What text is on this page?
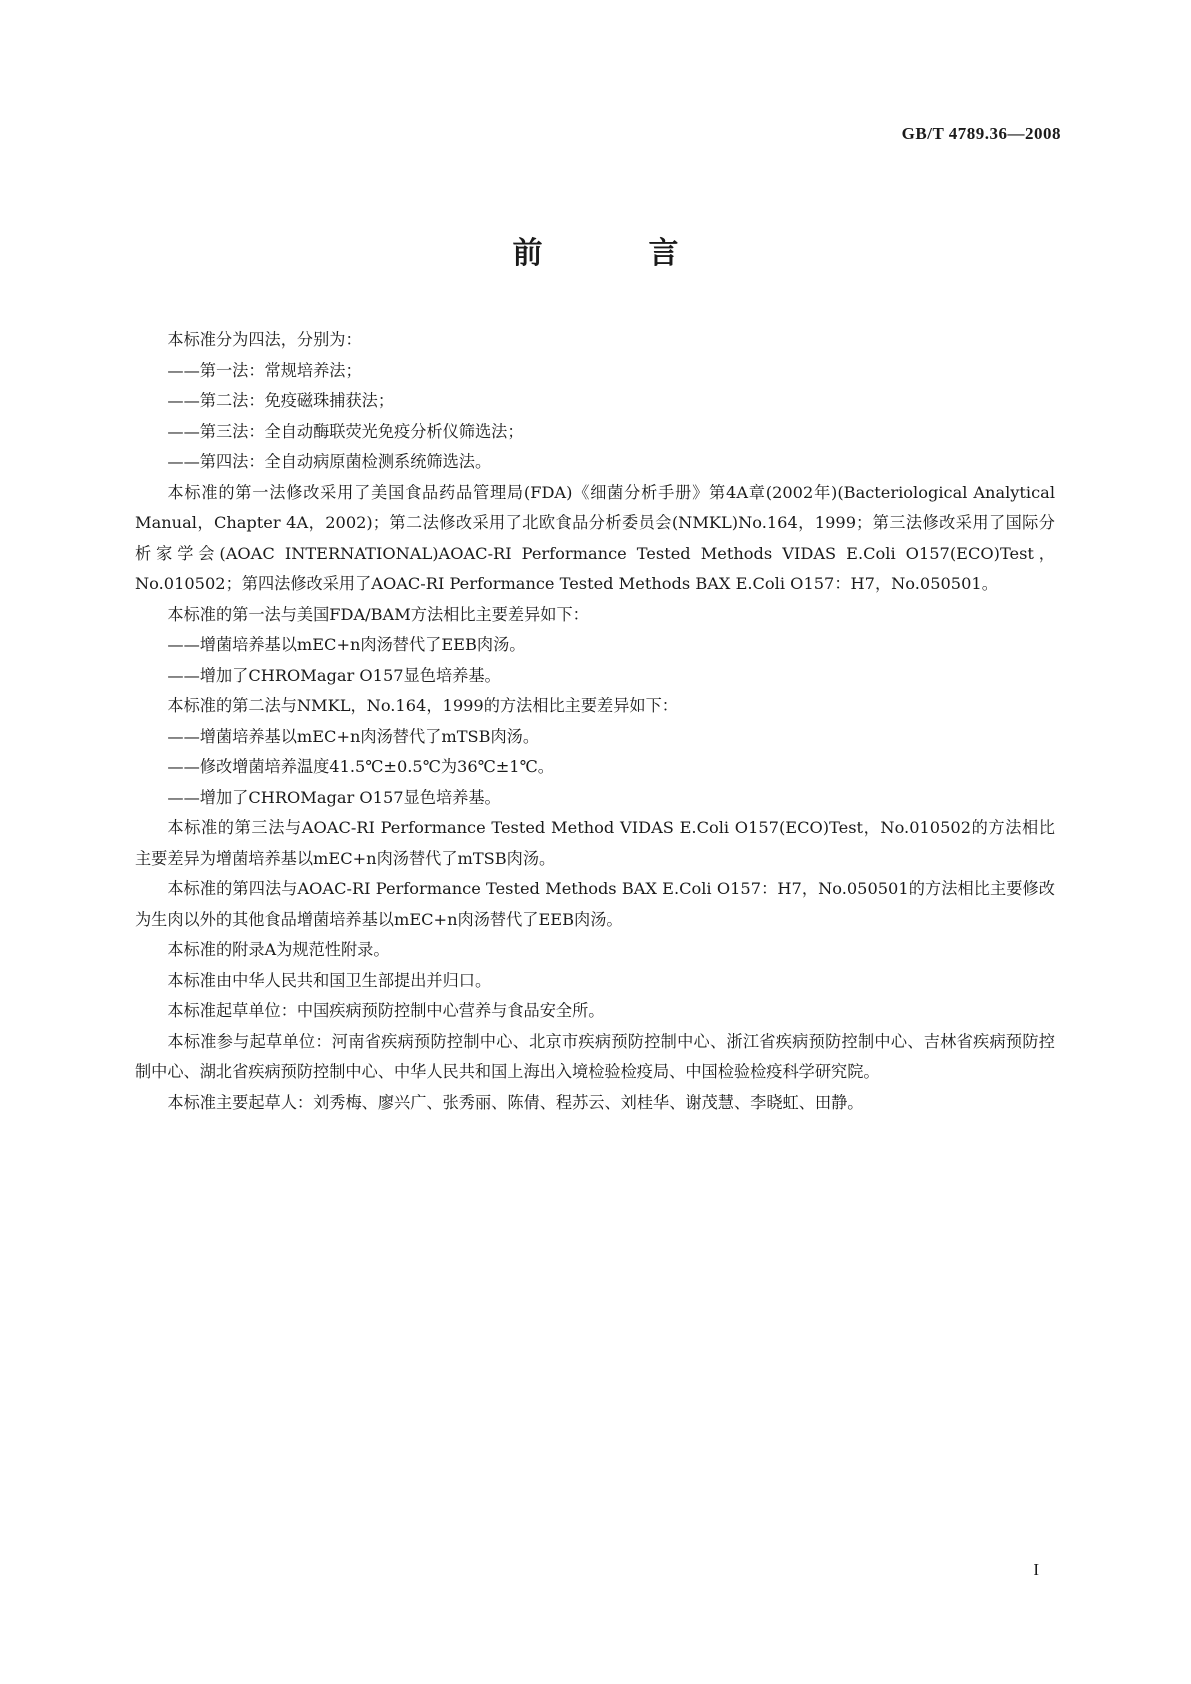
GB/T 4789.36—2008
前　言

本标准分为四法，分别为：

——第一法：常规培养法；

——第二法：免疫磁珠捕获法；

——第三法：全自动酶联荧光免疫分析仪筛选法；

——第四法：全自动病原菌检测系统筛选法。

本标准的第一法修改采用了美国食品药品管理局(FDA)《细菌分析手册》第4A章(2002年)(Bacteriological Analytical Manual，Chapter 4A，2002)；第二法修改采用了北欧食品分析委员会(NMKL)No.164，1999；第三法修改采用了国际分析家学会(AOAC INTERNATIONAL)AOAC-RI Performance Tested Methods VIDAS E.Coli O157(ECO)Test，No.010502；第四法修改采用了AOAC-RI Performance Tested Methods BAX E.Coli O157：H7，No.050501。

本标准的第一法与美国FDA/BAM方法相比主要差异如下：

——增菌培养基以mEC+n肉汤替代了EEB肉汤。

——增加了CHROMagar O157显色培养基。

本标准的第二法与NMKL，No.164，1999的方法相比主要差异如下：

——增菌培养基以mEC+n肉汤替代了mTSB肉汤。

——修改增菌培养温度41.5℃±0.5℃为36℃±1℃。

——增加了CHROMagar O157显色培养基。

本标准的第三法与AOAC-RI Performance Tested Method VIDAS E.Coli O157(ECO)Test，No.010502的方法相比主要差异为增菌培养基以mEC+n肉汤替代了mTSB肉汤。

本标准的第四法与AOAC-RI Performance Tested Methods BAX E.Coli O157：H7，No.050501的方法相比主要修改为生肉以外的其他食品增菌培养基以mEC+n肉汤替代了EEB肉汤。

本标准的附录A为规范性附录。

本标准由中华人民共和国卫生部提出并归口。

本标准起草单位：中国疾病预防控制中心营养与食品安全所。

本标准参与起草单位：河南省疾病预防控制中心、北京市疾病预防控制中心、浙江省疾病预防控制中心、吉林省疾病预防控制中心、湖北省疾病预防控制中心、中华人民共和国上海出入境检验检疫局、中国检验检疫科学研究院。

本标准主要起草人：刘秀梅、廖兴广、张秀丽、陈倩、程苏云、刘桂华、谢茂慧、李晓虹、田静。

I
